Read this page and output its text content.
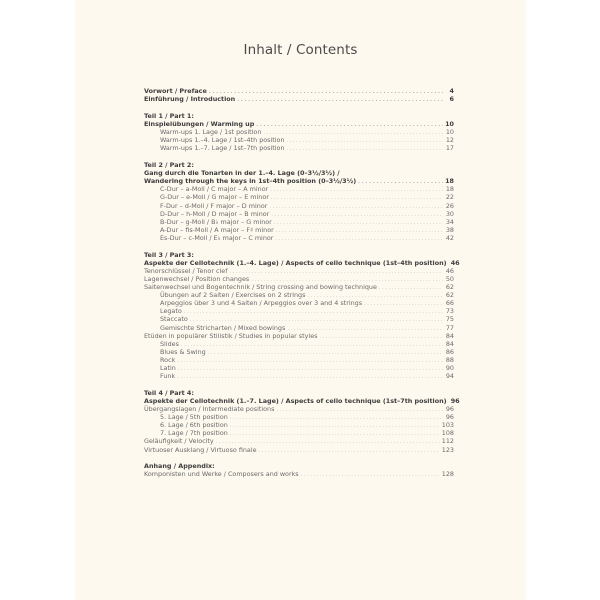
Inhalt / Contents
Vorwort / Preface . . .	4
Einführung / Introduction . . .	6
Teil 1 / Part 1:
Einspielübungen / Warming up . . .	10
Warm-ups 1. Lage / 1st position . . .	10
Warm-ups 1.–4. Lage / 1st–4th position . . .	12
Warm-ups 1.–7. Lage / 1st–7th position . . .	17
Teil 2 / Part 2:
Gang durch die Tonarten in der 1.–4. Lage (0–3½/3½) /
Wandering through the keys in 1st–4th position (0–3½/3½) . . .	18
C-Dur – a-Moll / C major – A minor . . .	18
G-Dur – e-Moll / G major – E minor . . .	22
F-Dur – d-Moll / F major – D minor . . .	26
D-Dur – h-Moll / D major – B minor . . .	30
B-Dur – g-Moll / B♭ major – G minor . . .	34
A-Dur – fis-Moll / A major – F♯ minor . . .	38
Es-Dur – c-Moll / E♭ major – C minor . . .	42
Teil 3 / Part 3:
Aspekte der Cellotechnik (1.–4. Lage) / Aspects of cello technique (1st–4th position) 46
Tenorschlüssel / Tenor clef . . .	46
Lagenwechsel / Position changes . . .	50
Saitenwechsel und Bogentechnik / String crossing and bowing technique . . .	62
Übungen auf 2 Saiten / Exercises on 2 strings . . .	62
Arpeggios über 3 und 4 Saiten / Arpeggios over 3 and 4 strings . . .	66
Legato . . .	73
Staccato . . .	75
Gemischte Stricharten / Mixed bowings . . .	77
Etüden in populärer Stilistik / Studies in popular styles . . .	84
Slides . . .	84
Blues & Swing . . .	86
Rock . . .	88
Latin . . .	90
Funk . . .	94
Teil 4 / Part 4:
Aspekte der Cellotechnik (1.–7. Lage) / Aspects of cello technique (1st–7th position) 96
Übergangslagen / Intermediate positions . . .	96
5. Lage / 5th position . . .	96
6. Lage / 6th position . . .	103
7. Lage / 7th position . . .	108
Geläufigkeit / Velocity . . .	112
Virtuoser Ausklang / Virtuoso finale . . .	123
Anhang / Appendix:
Komponisten und Werke / Composers and works . . .	128
